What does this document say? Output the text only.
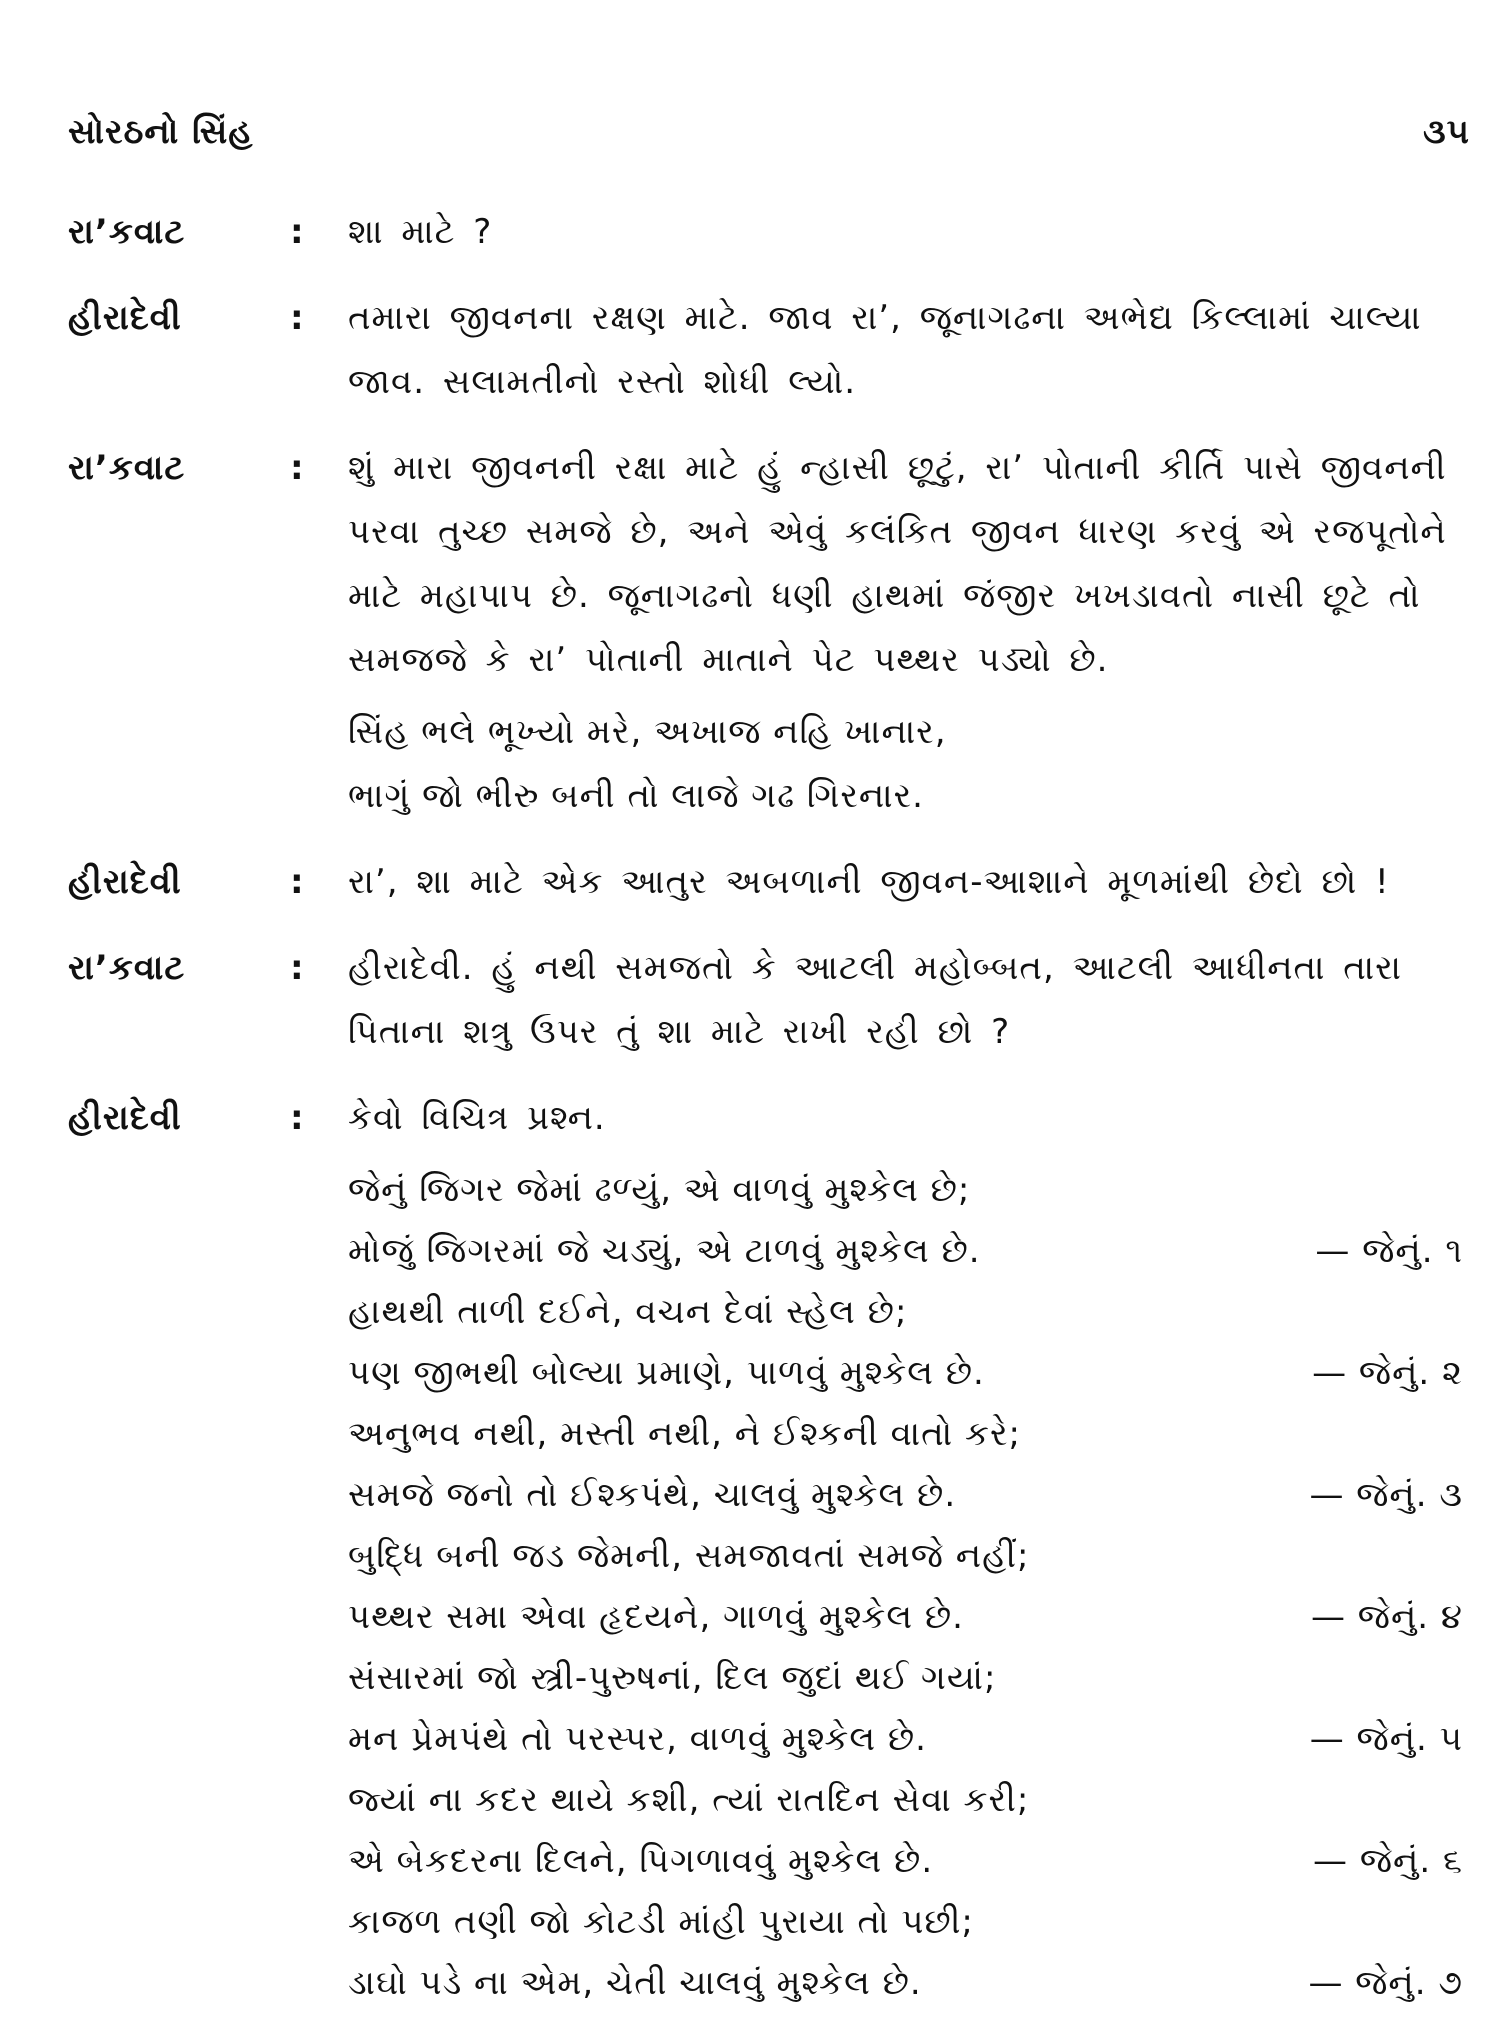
સોરઠનો સિંહ	૩૫
રા’કવાટ	:	શા માટે ?
હીરાદેવી	:	તમારા જીવનના રક્ષણ માટે. જાવ રા’, જૂનાગઢના અભેદ્ય કિલ્લામાં ચાલ્યા જાવ. સલામતીનો રસ્તો શોધી લ્યો.
રા’કવાટ	:	શું મારા જીવનની રક્ષા માટે હું ન્હાસી છૂટું, રા’ પોતાની કીર્તિ પાસે જીવનની પરવા તુચ્છ સમજે છે, અને એવું કલંકિત જીવન ધારણ કરવું એ રજપૂતોને માટે મહાપાપ છે. જૂનાગઢનો ધણી હાથમાં જંજીર ખખડાવતો નાસી છૂટે તો સમજજે કે રા’ પોતાની માતાને પેટ પથ્થર પડ્યો છે.
સિંહ ભલે ભૂખ્યો મરે, અખાજ નહિ ખાનાર,
ભાગું જો ભીરુ બની તો લાજે ગઢ ગિરનાર.
હીરાદેવી	:	રા’, શા માટે એક આતુર અબળાની જીવન-આશાને મૂળમાંથી છેદો છો !
રા’કવાટ	:	હીરાદેવી. હું નથી સમજતો કે આટલી મહોબ્બત, આટલી આધીનતા તારા પિતાના શત્રુ ઉપર તું શા માટે રાખી રહી છો ?
હીરાદેવી	:	કેવો વિચિત્ર પ્રશ્ન.
જેનું જિગર જેમાં ઢળ્યું, એ વાળવું મુશ્કેલ છે;
મોજું જિગરમાં જે ચડ્યું, એ ટાળવું મુશ્કેલ છે.	— જેનું. ૧
હાથથી તાળી દઈને, વચન દેવાં સ્હેલ છે;
પણ જીભથી બોલ્યા પ્રમાણે, પાળવું મુશ્કેલ છે.	— જેનું. ૨
અનુભવ નથી, મસ્તી નથી, ને ઈશ્કની વાતો કરે;
સમજે જનો તો ઈશ્કપંથે, ચાલવું મુશ્કેલ છે.	— જેનું. ૩
બુદ્ધિ બની જડ જેમની, સમજાવતાં સમજે નહીં;
પથ્થર સમા એવા હૃદયને, ગાળવું મુશ્કેલ છે.	— જેનું. ૪
સંસારમાં જો સ્ત્રી-પુરુષનાં, દિલ જુદાં થઈ ગયાં;
મન પ્રેમપંથે તો પરસ્પર, વાળવું મુશ્કેલ છે.	— જેનું. ૫
જ્યાં ના કદર થાયે કશી, ત્યાં રાતદિન સેવા કરી;
એ બેકદરના દિલને, પિગળાવવું મુશ્કેલ છે.	— જેનું. ૬
કાજળ તણી જો કોટડી માંહી પુરાયા તો પછી;
ડાઘો પડે ના એમ, ચેતી ચાલવું મુશ્કેલ છે.	— જેનું. ૭
